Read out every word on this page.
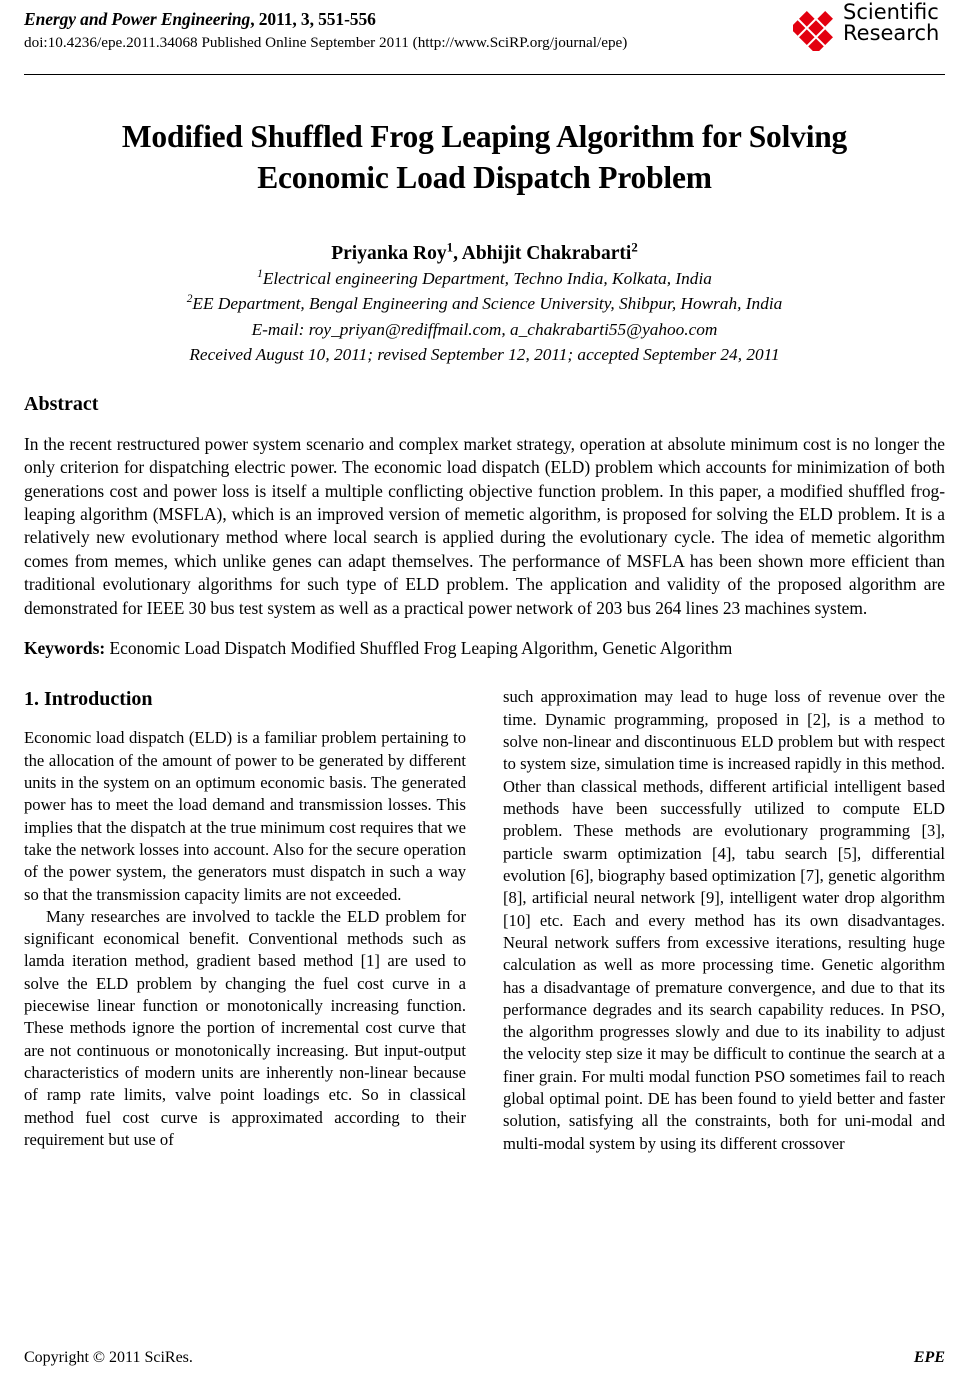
Energy and Power Engineering, 2011, 3, 551-556
doi:10.4236/epe.2011.34068 Published Online September 2011 (http://www.SciRP.org/journal/epe)
Scientific
Research
Modified Shuffled Frog Leaping Algorithm for Solving Economic Load Dispatch Problem
Priyanka Roy$^1$, Abhijit Chakrabarti$^2$
$^1$Electrical engineering Department, Techno India, Kolkata, India
$^2$EE Department, Bengal Engineering and Science University, Shibpur, Howrah, India
E-mail: roy_priyan@rediffmail.com, a_chakrabarti55@yahoo.com
Received August 10, 2011; revised September 12, 2011; accepted September 24, 2011
Abstract
In the recent restructured power system scenario and complex market strategy, operation at absolute minimum cost is no longer the only criterion for dispatching electric power. The economic load dispatch (ELD) problem which accounts for minimization of both generations cost and power loss is itself a multiple conflicting objective function problem. In this paper, a modified shuffled frog-leaping algorithm (MSFLA), which is an improved version of memetic algorithm, is proposed for solving the ELD problem. It is a relatively new evolutionary method where local search is applied during the evolutionary cycle. The idea of memetic algorithm comes from memes, which unlike genes can adapt themselves. The performance of MSFLA has been shown more efficient than traditional evolutionary algorithms for such type of ELD problem. The application and validity of the proposed algorithm are demonstrated for IEEE 30 bus test system as well as a practical power network of 203 bus 264 lines 23 machines system.
Keywords: Economic Load Dispatch Modified Shuffled Frog Leaping Algorithm, Genetic Algorithm
1. Introduction

Economic load dispatch (ELD) is a familiar problem pertaining to the allocation of the amount of power to be generated by different units in the system on an optimum economic basis. The generated power has to meet the load demand and transmission losses. This implies that the dispatch at the true minimum cost requires that we take the network losses into account. Also for the secure operation of the power system, the generators must dispatch in such a way so that the transmission capacity limits are not exceeded.

Many researches are involved to tackle the ELD problem for significant economical benefit. Conventional methods such as lamda iteration method, gradient based method [1] are used to solve the ELD problem by changing the fuel cost curve in a piecewise linear function or monotonically increasing function. These methods ignore the portion of incremental cost curve that are not continuous or monotonically increasing. But input-output characteristics of modern units are inherently non-linear because of ramp rate limits, valve point loadings etc. So in classical method fuel cost curve is approximated according to their requirement but use of

such approximation may lead to huge loss of revenue over the time. Dynamic programming, proposed in [2], is a method to solve non-linear and discontinuous ELD problem but with respect to system size, simulation time is increased rapidly in this method. Other than classical methods, different artificial intelligent based methods have been successfully utilized to compute ELD problem. These methods are evolutionary programming [3], particle swarm optimization [4], tabu search [5], differential evolution [6], biography based optimization [7], genetic algorithm [8], artificial neural network [9], intelligent water drop algorithm [10] etc. Each and every method has its own disadvantages. Neural network suffers from excessive iterations, resulting huge calculation as well as more processing time. Genetic algorithm has a disadvantage of premature convergence, and due to that its performance degrades and its search capability reduces. In PSO, the algorithm progresses slowly and due to its inability to adjust the velocity step size it may be difficult to continue the search at a finer grain. For multi modal function PSO sometimes fail to reach global optimal point. DE has been found to yield better and faster solution, satisfying all the constraints, both for uni-modal and multi-modal system by using its different crossover

Copyright © 2011 SciRes.	EPE
